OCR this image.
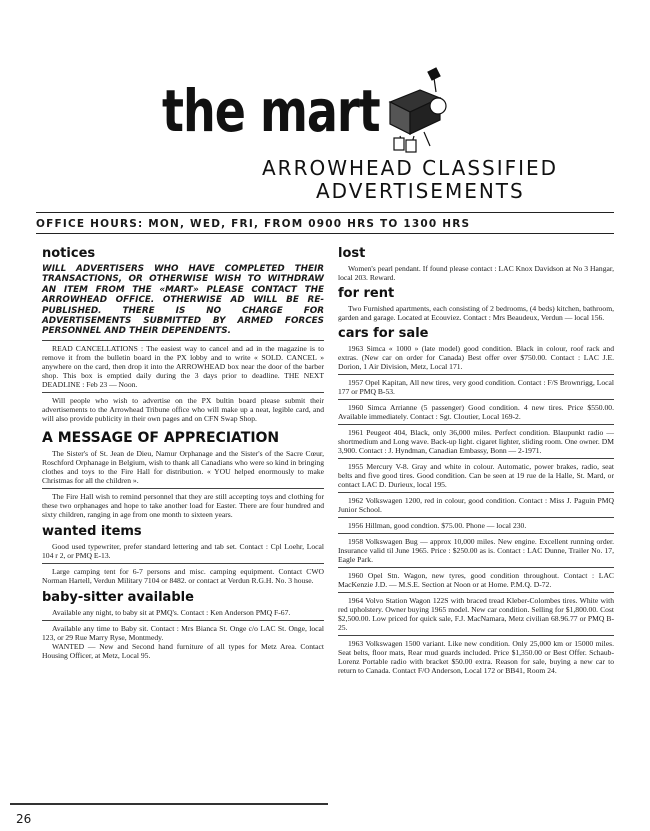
the mart
ARROWHEAD CLASSIFIED
ADVERTISEMENTS
OFFICE HOURS: MON, WED, FRI, FROM 0900 HRS TO 1300 HRS
notices
WILL ADVERTISERS WHO HAVE COMPLETED THEIR TRANSACTIONS, OR OTHERWISE WISH TO WITHDRAW AN ITEM FROM THE «MART» PLEASE CONTACT THE ARROWHEAD OFFICE. OTHERWISE AD WILL BE RE-PUBLISHED. THERE IS NO CHARGE FOR ADVERTISEMENTS SUBMITTED BY ARMED FORCES PERSONNEL AND THEIR DEPENDENTS.
READ CANCELLATIONS : The easiest way to cancel and ad in the magazine is to remove it from the bulletin board in the PX lobby and to write « SOLD. CANCEL » anywhere on the card, then drop it into the ARROWHEAD box near the door of the barber shop. This box is emptied daily during the 3 days prior to deadline. THE NEXT DEADLINE : Feb 23 — Noon.
Will people who wish to advertise on the PX bultin board please submit their advertisements to the Arrowhead Tribune office who will make up a neat, legible card, and will also provide publicity in their own pages and on CFN Swap Shop.
A MESSAGE OF APPRECIATION
The Sister's of St. Jean de Dieu, Namur Orphanage and the Sister's of the Sacre Cœur, Roschford Orphanage in Belgium, wish to thank all Canadians who were so kind in bringing clothes and toys to the Fire Hall for distribution. « YOU helped enormously to make Christmas for all the children ».
The Fire Hall wish to remind personnel that they are still accepting toys and clothing for these two orphanages and hope to take another load for Easter. There are four hundred and sixty children, ranging in age from one month to sixteen years.
wanted items
Good used typewriter, prefer standard lettering and tab set. Contact : Cpl Loehr, Local 104 r 2, or PMQ E-13.
Large camping tent for 6-7 persons and misc. camping equipment. Contact CWO Norman Hartell, Verdun Military 7104 or 8482. or contact at Verdun R.G.H. No. 3 house.
baby-sitter available
Available any night, to baby sit at PMQ's. Contact : Ken Anderson PMQ F-67.
Available any time to Baby sit. Contact : Mrs Bianca St. Onge c/o LAC St. Onge, local 123, or 29 Rue Marry Ryse, Montmedy.
WANTED — New and Second hand furniture of all types for Metz Area. Contact Housing Officer, at Metz, Local 95.
lost
Women's pearl pendant. If found please contact : LAC Knox Davidson at No 3 Hangar, local 203. Reward.
for rent
Two Furnished apartments, each consisting of 2 bedrooms, (4 beds) kitchen, bathroom, garden and garage. Located at Ecouviez. Contact : Mrs Beaudeux, Verdun — local 156.
cars for sale
1963 Simca « 1000 » (late model) good condition. Black in colour, roof rack and extras. (New car on order for Canada) Best offer over $750.00. Contact : LAC J.E. Dorion, 1 Air Division, Metz, Local 171.
1957 Opel Kapitan, All new tires, very good condition. Contact : F/S Brownrigg, Local 177 or PMQ B-53.
1960 Simca Arrianne (5 passenger) Good condition. 4 new tires. Price $550.00. Available immediately. Contact : Sgt. Cloutier, Local 169-2.
1961 Peugeot 404, Black, only 36,000 miles. Perfect condition. Blaupunkt radio — shortmedium and Long wave. Back-up light. cigaret lighter, sliding room. One owner. DM 3,900. Contact : J. Hyndman, Canadian Embassy, Bonn — 2-1971.
1955 Mercury V-8. Gray and white in colour. Automatic, power brakes, radio, seat belts and five good tires. Good condition. Can be seen at 19 rue de la Halle, St. Mard, or contact LAC D. Durieux, local 195.
1962 Volkswagen 1200, red in colour, good condition. Contact : Miss J. Paguin PMQ Junior School.
1956 Hillman, good condtion. $75.00. Phone — local 230.
1958 Volkswagen Bug — approx 10,000 miles. New engine. Excellent running order. Insurance valid til June 1965. Price : $250.00 as is. Contact : LAC Dunne, Trailer No. 17, Eagle Park.
1960 Opel Stn. Wagon, new tyres, good condition throughout. Contact : LAC MacKenzie J.D. — M.S.E. Section at Noon or at Home. P.M.Q. D-72.
1964 Volvo Station Wagon 122S with braced tread Kleber-Colombes tires. White with red upholstery. Owner buying 1965 model. New car condition. Selling for $1,800.00. Cost $2,500.00. Low priced for quick sale, F.J. MacNamara, Metz civilian 68.96.77 or PMQ B-25.
1963 Volkswagen 1500 variant. Like new condition. Only 25,000 km or 15000 miles. Seat belts, floor mats, Rear mud guards included. Price $1,350.00 or Best Offer. Schaub-Lorenz Portable radio with bracket $50.00 extra. Reason for sale, buying a new car to return to Canada. Contact F/O Anderson, Local 172 or BB41, Room 24.
26
